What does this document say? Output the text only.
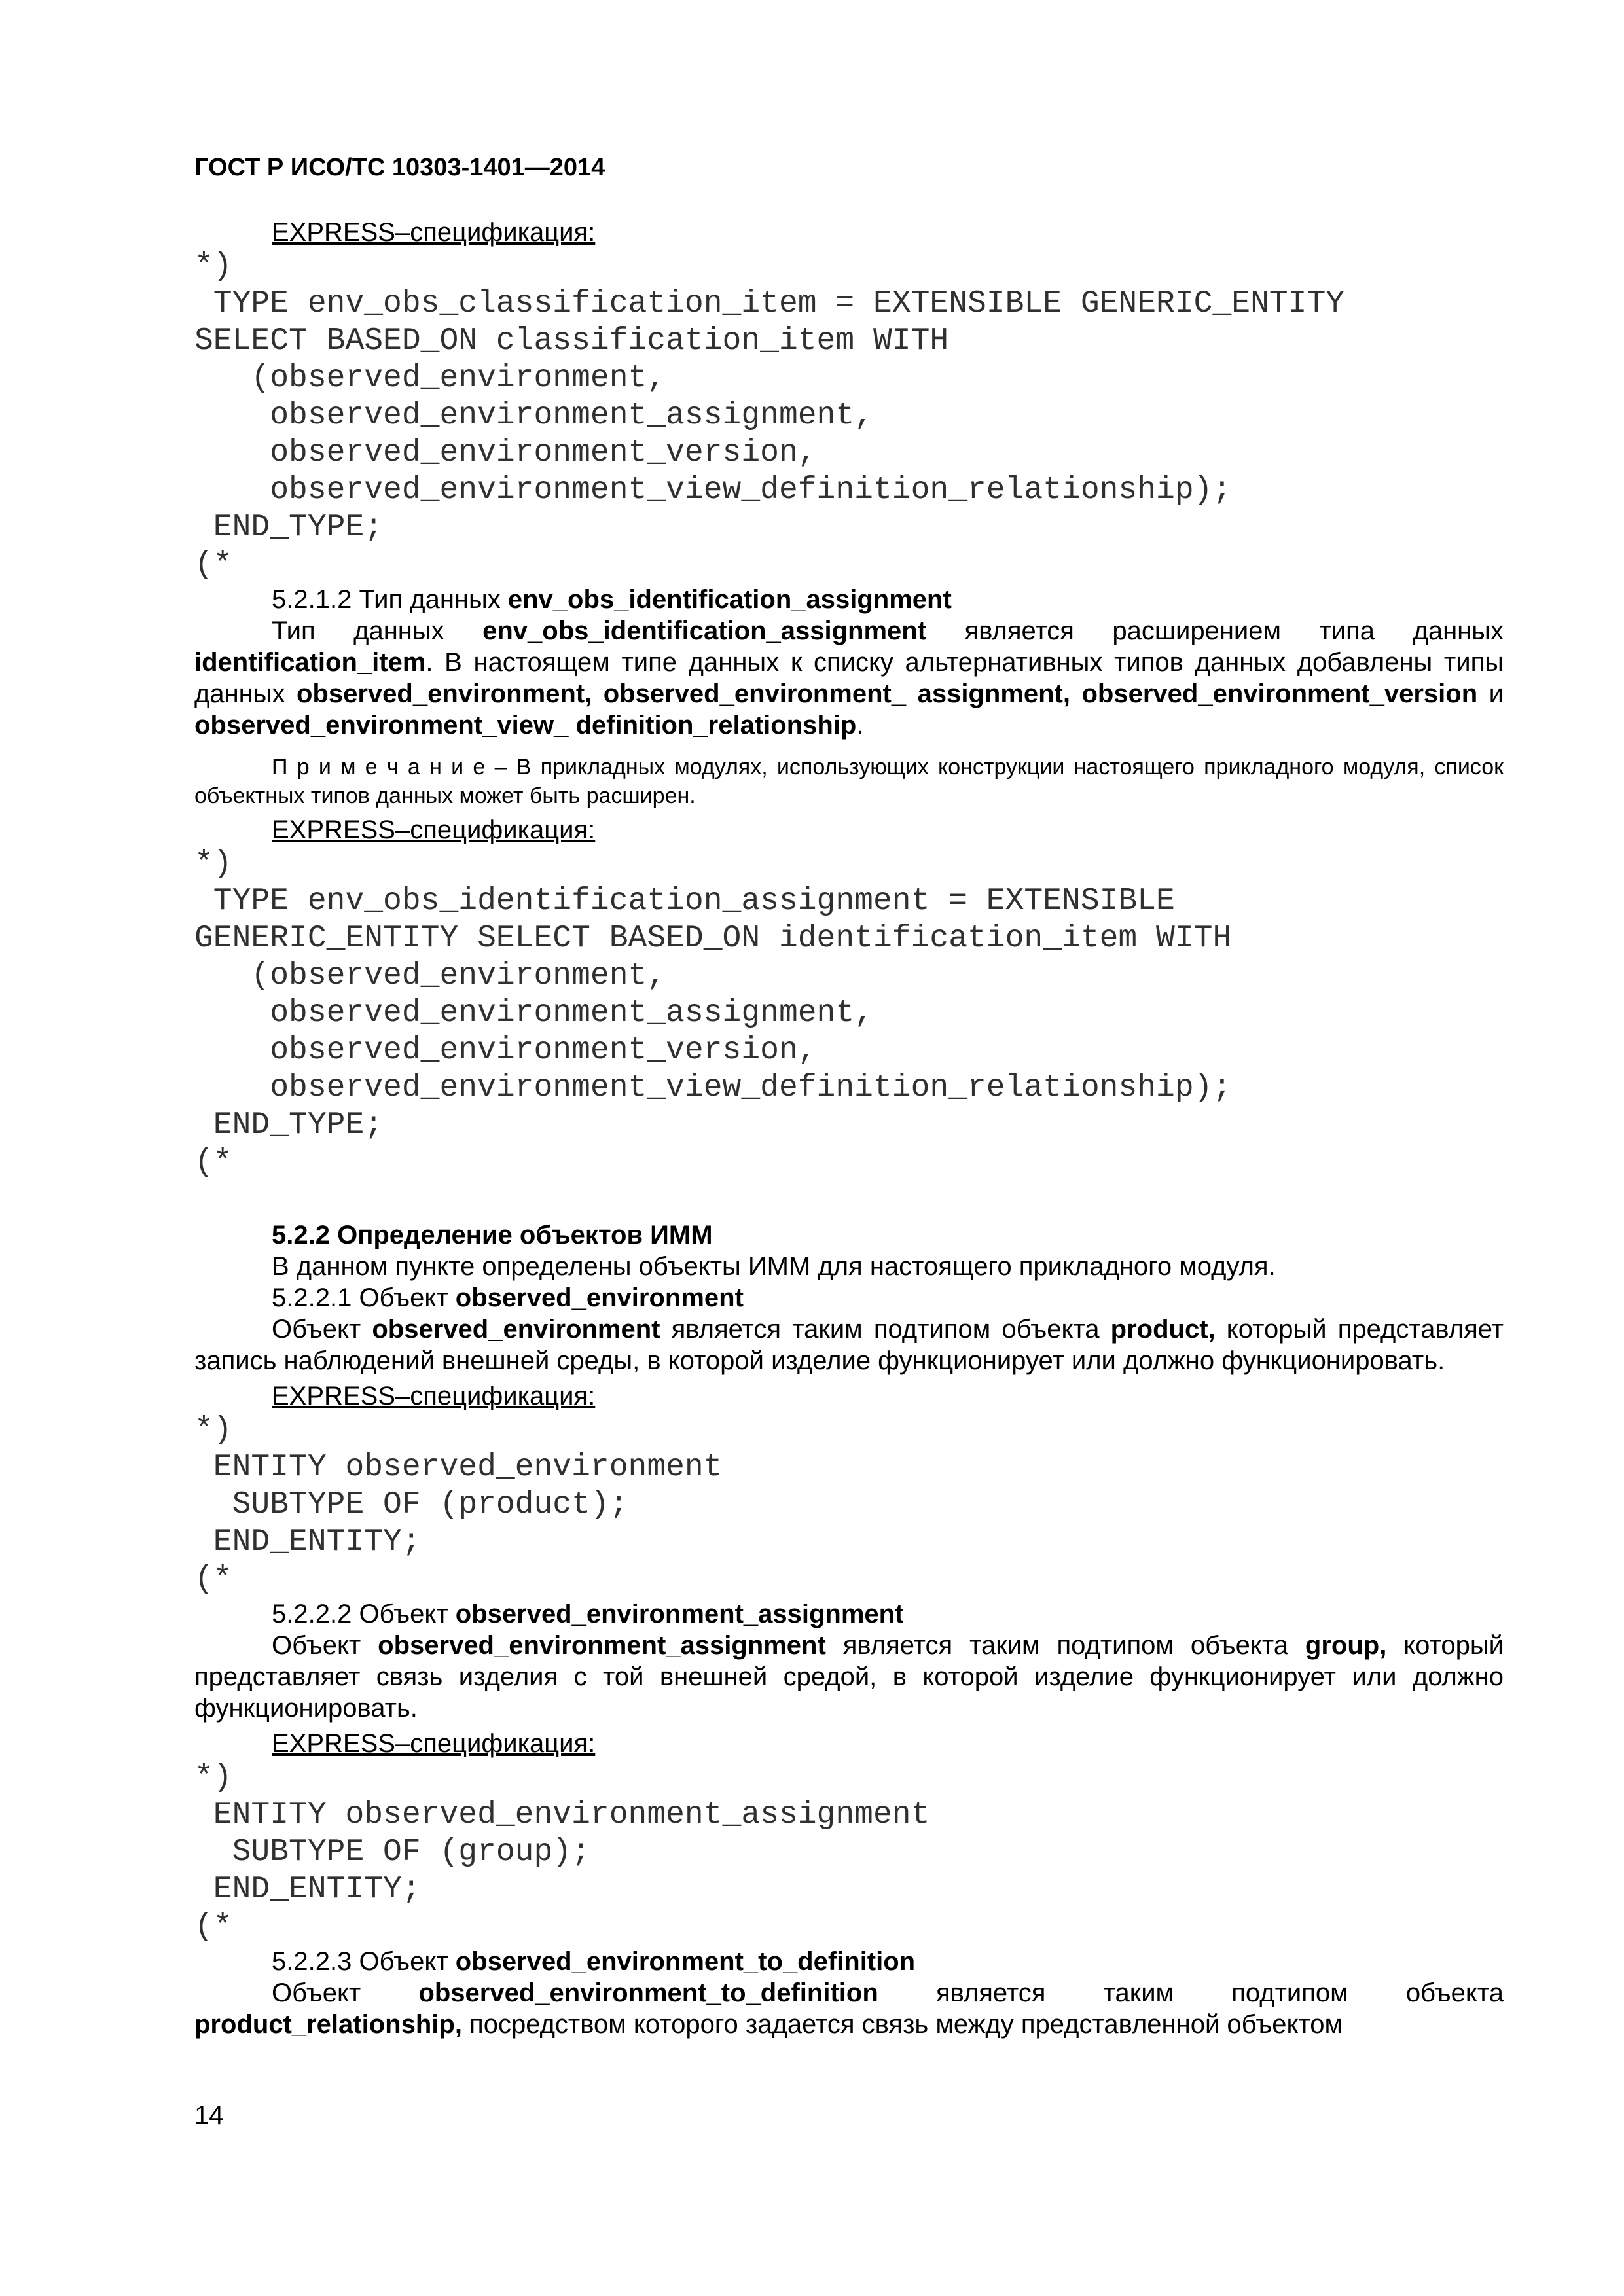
ГОСТ Р ИСО/ТС 10303-1401—2014
EXPRESS–спецификация:
*)
TYPE env_obs_classification_item = EXTENSIBLE GENERIC_ENTITY
SELECT BASED_ON classification_item WITH
(observed_environment,
observed_environment_assignment,
observed_environment_version,
observed_environment_view_definition_relationship);
END_TYPE;
(*

5.2.1.2 Тип данных env_obs_identification_assignment

Тип данных env_obs_identification_assignment является расширением типа данных identification_item. В настоящем типе данных к списку альтернативных типов данных добавлены типы данных observed_environment, observed_environment_ assignment, observed_environment_version и observed_environment_view_ definition_relationship.

П р и м е ч а н и е – В прикладных модулях, использующих конструкции настоящего прикладного модуля, список объектных типов данных может быть расширен.

EXPRESS–спецификация:
*)
TYPE env_obs_identification_assignment = EXTENSIBLE
GENERIC_ENTITY SELECT BASED_ON identification_item WITH
(observed_environment,
observed_environment_assignment,
observed_environment_version,
observed_environment_view_definition_relationship);
END_TYPE;
(*

5.2.2 Определение объектов ИММ

В данном пункте определены объекты ИММ для настоящего прикладного модуля.

5.2.2.1 Объект observed_environment

Объект observed_environment является таким подтипом объекта product, который представляет запись наблюдений внешней среды, в которой изделие функционирует или должно функционировать.

EXPRESS–спецификация:
*)
ENTITY observed_environment
SUBTYPE OF (product);
END_ENTITY;
(*

5.2.2.2 Объект observed_environment_assignment

Объект observed_environment_assignment является таким подтипом объекта group, который представляет связь изделия с той внешней средой, в которой изделие функционирует или должно функционировать.

EXPRESS–спецификация:
*)
ENTITY observed_environment_assignment
SUBTYPE OF (group);
END_ENTITY;
(*

5.2.2.3 Объект observed_environment_to_definition

Объект observed_environment_to_definition является таким подтипом объекта product_relationship, посредством которого задается связь между представленной объектом

14
